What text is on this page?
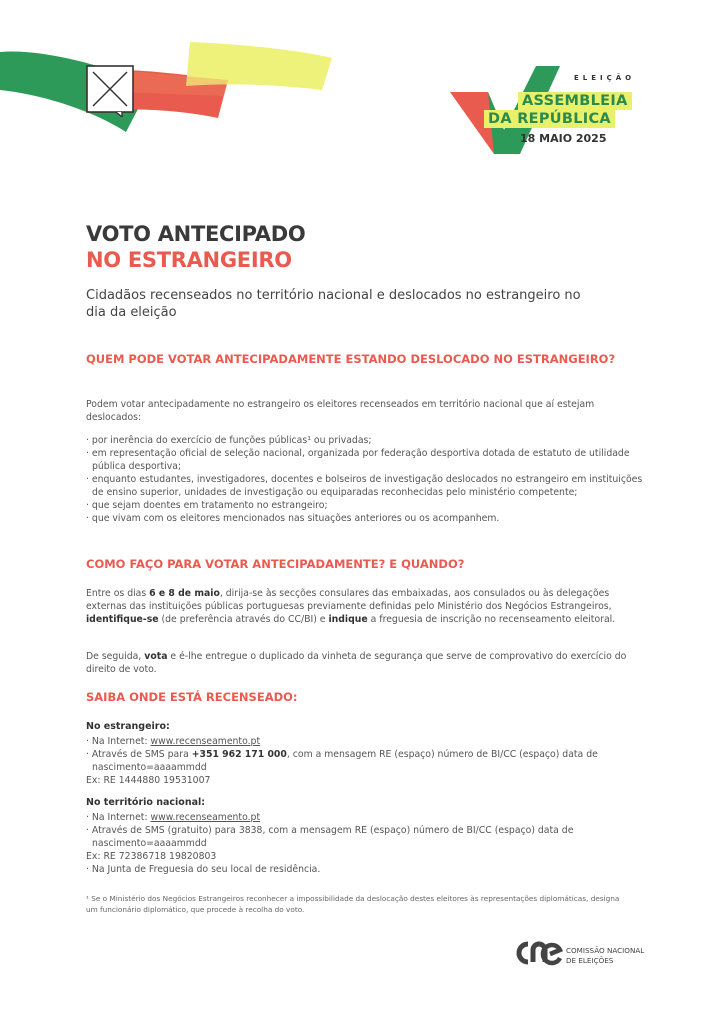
ELEIÇÃO
ASSEMBLEIA
DA REPÚBLICA
18 MAIO 2025
VOTO ANTECIPADO
NO ESTRANGEIRO
Cidadãos recenseados no território nacional e deslocados no estrangeiro no dia da eleição
QUEM PODE VOTAR ANTECIPADAMENTE ESTANDO DESLOCADO NO ESTRANGEIRO?
Podem votar antecipadamente no estrangeiro os eleitores recenseados em território nacional que aí estejam deslocados:
· por inerência do exercício de funções públicas¹ ou privadas;
· em representação oficial de seleção nacional, organizada por federação desportiva dotada de estatuto de utilidade pública desportiva;
· enquanto estudantes, investigadores, docentes e bolseiros de investigação deslocados no estrangeiro em instituições de ensino superior, unidades de investigação ou equiparadas reconhecidas pelo ministério competente;
· que sejam doentes em tratamento no estrangeiro;
· que vivam com os eleitores mencionados nas situações anteriores ou os acompanhem.
COMO FAÇO PARA VOTAR ANTECIPADAMENTE? E QUANDO?
Entre os dias 6 e 8 de maio, dirija-se às secções consulares das embaixadas, aos consulados ou às delegações externas das instituições públicas portuguesas previamente definidas pelo Ministério dos Negócios Estrangeiros, identifique-se (de preferência através do CC/BI) e indique a freguesia de inscrição no recenseamento eleitoral.
De seguida, vota e é-lhe entregue o duplicado da vinheta de segurança que serve de comprovativo do exercício do direito de voto.
SAIBA ONDE ESTÁ RECENSEADO:
No estrangeiro:
· Na Internet: www.recenseamento.pt
· Através de SMS para +351 962 171 000, com a mensagem RE (espaço) número de BI/CC (espaço) data de nascimento=aaaammdd
Ex: RE 1444880 19531007
No território nacional:
· Na Internet: www.recenseamento.pt
· Através de SMS (gratuito) para 3838, com a mensagem RE (espaço) número de BI/CC (espaço) data de nascimento=aaaammdd
Ex: RE 72386718 19820803
· Na Junta de Freguesia do seu local de residência.
¹ Se o Ministério dos Negócios Estrangeiros reconhecer a impossibilidade da deslocação destes eleitores às representações diplomáticas, designa um funcionário diplomático, que procede à recolha do voto.
COMISSÃO NACIONAL
DE ELEIÇÕES
